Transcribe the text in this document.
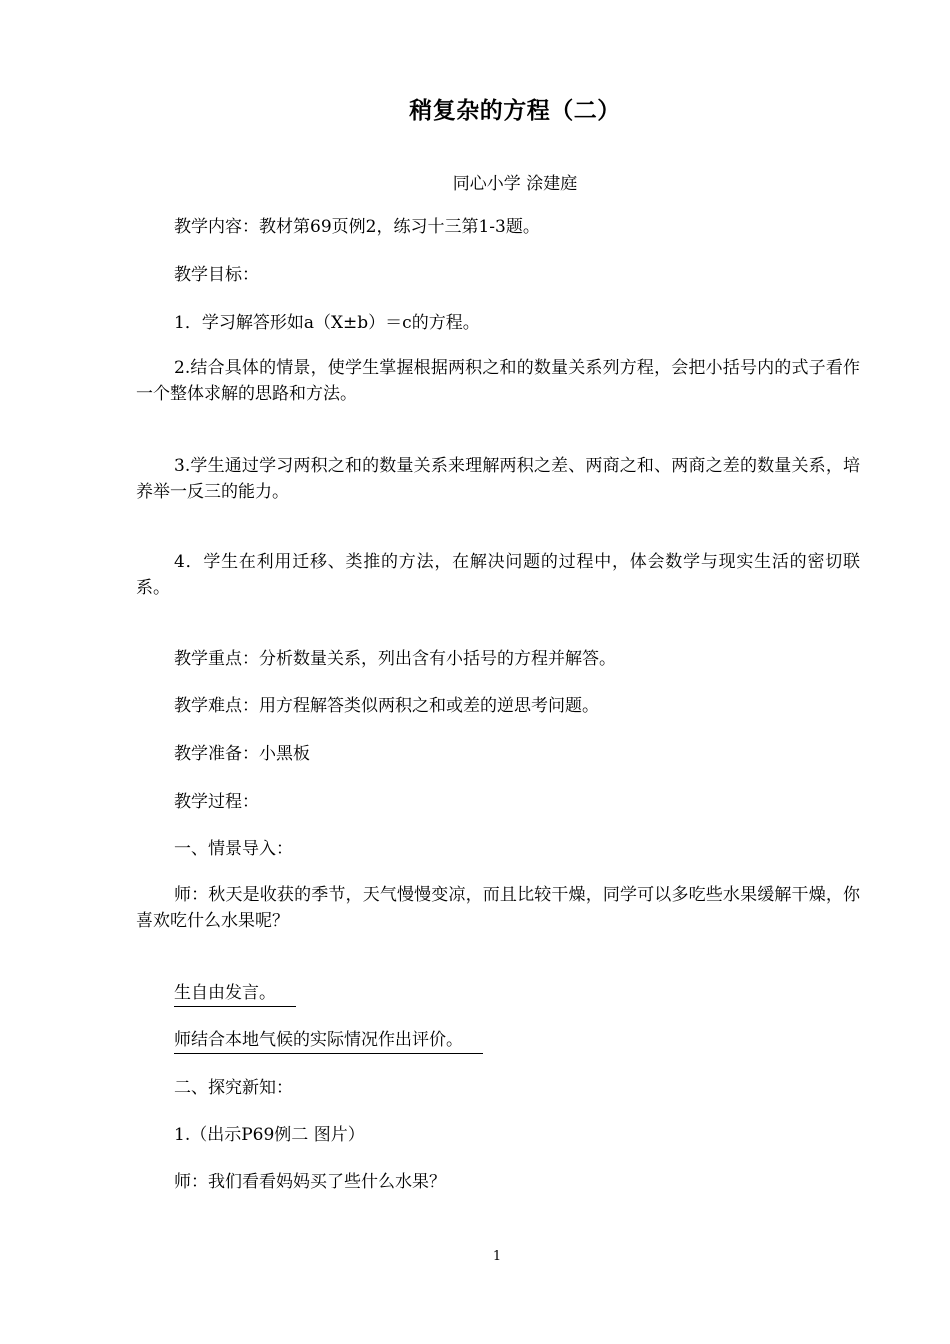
稍复杂的方程（二）
同心小学 涂建庭
教学内容：教材第69页例2，练习十三第1-3题。
教学目标：
1．学习解答形如a（X±b）＝c的方程。
2.结合具体的情景，使学生掌握根据两积之和的数量关系列方程，会把小括号内的式子看作一个整体求解的思路和方法。
3.学生通过学习两积之和的数量关系来理解两积之差、两商之和、两商之差的数量关系，培养举一反三的能力。
4．学生在利用迁移、类推的方法，在解决问题的过程中，体会数学与现实生活的密切联系。
教学重点：分析数量关系，列出含有小括号的方程并解答。
教学难点：用方程解答类似两积之和或差的逆思考问题。
教学准备：小黑板
教学过程：
一、情景导入：
师：秋天是收获的季节，天气慢慢变凉，而且比较干燥，同学可以多吃些水果缓解干燥，你喜欢吃什么水果呢？
生自由发言。
师结合本地气候的实际情况作出评价。
二、探究新知：
1.（出示P69例二 图片）
师：我们看看妈妈买了些什么水果？
1
